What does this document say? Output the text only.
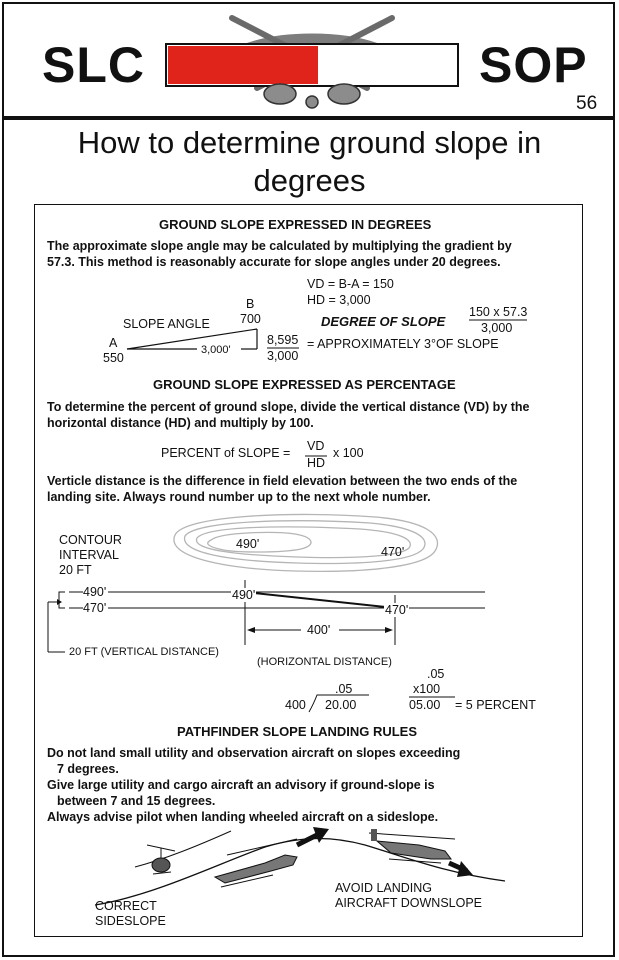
SLC	SOP
56
How to determine ground slope in degrees
GROUND SLOPE EXPRESSED IN DEGREES
The approximate slope angle may be calculated by multiplying the gradient by
57.3. This method is reasonably accurate for slope angles under 20 degrees.
VD = B-A = 150
HD = 3,000
B
700
SLOPE ANGLE
A
550
3,000'
8,595
3,000
DEGREE OF SLOPE
150 x 57.3
3,000
= APPROXIMATELY 3°OF SLOPE
GROUND SLOPE EXPRESSED AS PERCENTAGE
To determine the percent of ground slope, divide the vertical distance (VD) by the
horizontal distance (HD) and multiply by 100.
PERCENT of SLOPE = VD
HD
x 100
Verticle distance is the difference in field elevation between the two ends of the
landing site. Always round number up to the next whole number.
CONTOUR
INTERVAL
20 FT
490'
470'
490'
470'
490'
470'
400'
20 FT (VERTICAL DISTANCE)
(HORIZONTAL DISTANCE)
.05
400 20.00
.05
x100
05.00 = 5 PERCENT
PATHFINDER SLOPE LANDING RULES
Do not land small utility and observation aircraft on slopes exceeding
7 degrees.
Give large utility and cargo aircraft an advisory if ground-slope is
between 7 and 15 degrees.
Always advise pilot when landing wheeled aircraft on a sideslope.
AVOID LANDING
AIRCRAFT DOWNSLOPE
CORRECT
SIDESLOPE
